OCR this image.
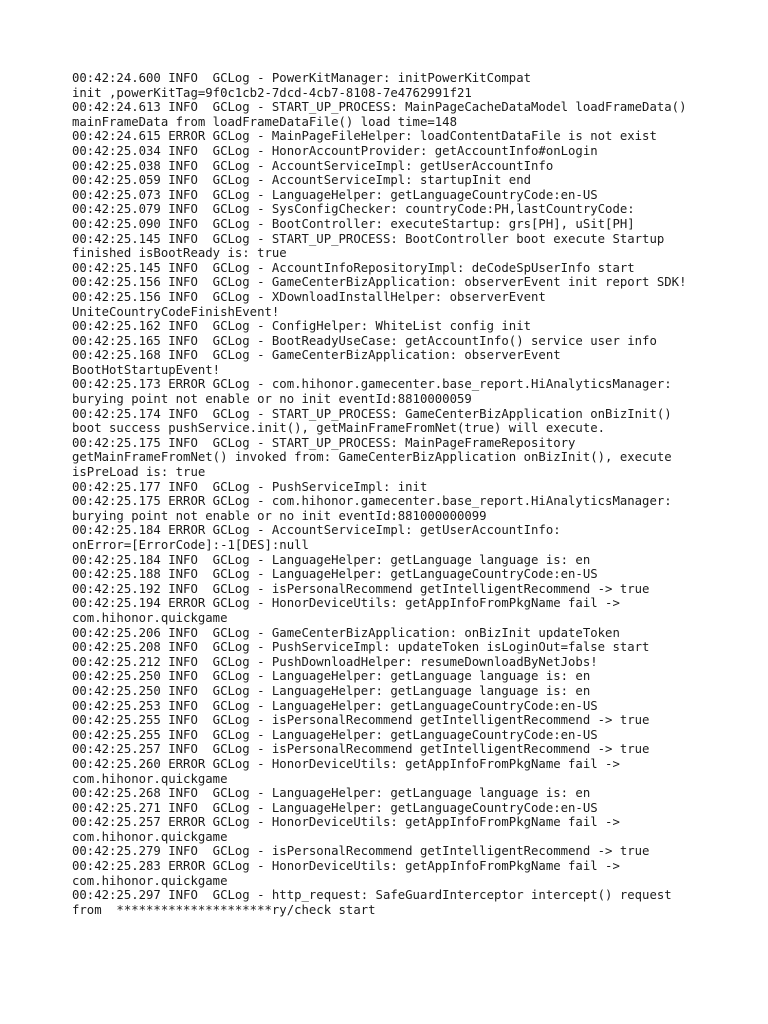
00:42:24.600 INFO  GCLog - PowerKitManager: initPowerKitCompat
init ,powerKitTag=9f0c1cb2-7dcd-4cb7-8108-7e4762991f21
00:42:24.613 INFO  GCLog - START_UP_PROCESS: MainPageCacheDataModel loadFrameData()
mainFrameData from loadFrameDataFile() load time=148
00:42:24.615 ERROR GCLog - MainPageFileHelper: loadContentDataFile is not exist
00:42:25.034 INFO  GCLog - HonorAccountProvider: getAccountInfo#onLogin
00:42:25.038 INFO  GCLog - AccountServiceImpl: getUserAccountInfo
00:42:25.059 INFO  GCLog - AccountServiceImpl: startupInit end
00:42:25.073 INFO  GCLog - LanguageHelper: getLanguageCountryCode:en-US
00:42:25.079 INFO  GCLog - SysConfigChecker: countryCode:PH,lastCountryCode:
00:42:25.090 INFO  GCLog - BootController: executeStartup: grs[PH], uSit[PH]
00:42:25.145 INFO  GCLog - START_UP_PROCESS: BootController boot execute Startup
finished isBootReady is: true
00:42:25.145 INFO  GCLog - AccountInfoRepositoryImpl: deCodeSpUserInfo start
00:42:25.156 INFO  GCLog - GameCenterBizApplication: observerEvent init report SDK!
00:42:25.156 INFO  GCLog - XDownloadInstallHelper: observerEvent
UniteCountryCodeFinishEvent!
00:42:25.162 INFO  GCLog - ConfigHelper: WhiteList config init
00:42:25.165 INFO  GCLog - BootReadyUseCase: getAccountInfo() service user info
00:42:25.168 INFO  GCLog - GameCenterBizApplication: observerEvent
BootHotStartupEvent!
00:42:25.173 ERROR GCLog - com.hihonor.gamecenter.base_report.HiAnalyticsManager:
burying point not enable or no init eventId:8810000059
00:42:25.174 INFO  GCLog - START_UP_PROCESS: GameCenterBizApplication onBizInit()
boot success pushService.init(), getMainFrameFromNet(true) will execute.
00:42:25.175 INFO  GCLog - START_UP_PROCESS: MainPageFrameRepository
getMainFrameFromNet() invoked from: GameCenterBizApplication onBizInit(), execute
isPreLoad is: true
00:42:25.177 INFO  GCLog - PushServiceImpl: init
00:42:25.175 ERROR GCLog - com.hihonor.gamecenter.base_report.HiAnalyticsManager:
burying point not enable or no init eventId:881000000099
00:42:25.184 ERROR GCLog - AccountServiceImpl: getUserAccountInfo:
onError=[ErrorCode]:-1[DES]:null
00:42:25.184 INFO  GCLog - LanguageHelper: getLanguage language is: en
00:42:25.188 INFO  GCLog - LanguageHelper: getLanguageCountryCode:en-US
00:42:25.192 INFO  GCLog - isPersonalRecommend getIntelligentRecommend -> true
00:42:25.194 ERROR GCLog - HonorDeviceUtils: getAppInfoFromPkgName fail ->
com.hihonor.quickgame
00:42:25.206 INFO  GCLog - GameCenterBizApplication: onBizInit updateToken
00:42:25.208 INFO  GCLog - PushServiceImpl: updateToken isLoginOut=false start
00:42:25.212 INFO  GCLog - PushDownloadHelper: resumeDownloadByNetJobs!
00:42:25.250 INFO  GCLog - LanguageHelper: getLanguage language is: en
00:42:25.250 INFO  GCLog - LanguageHelper: getLanguage language is: en
00:42:25.253 INFO  GCLog - LanguageHelper: getLanguageCountryCode:en-US
00:42:25.255 INFO  GCLog - isPersonalRecommend getIntelligentRecommend -> true
00:42:25.255 INFO  GCLog - LanguageHelper: getLanguageCountryCode:en-US
00:42:25.257 INFO  GCLog - isPersonalRecommend getIntelligentRecommend -> true
00:42:25.260 ERROR GCLog - HonorDeviceUtils: getAppInfoFromPkgName fail ->
com.hihonor.quickgame
00:42:25.268 INFO  GCLog - LanguageHelper: getLanguage language is: en
00:42:25.271 INFO  GCLog - LanguageHelper: getLanguageCountryCode:en-US
00:42:25.257 ERROR GCLog - HonorDeviceUtils: getAppInfoFromPkgName fail ->
com.hihonor.quickgame
00:42:25.279 INFO  GCLog - isPersonalRecommend getIntelligentRecommend -> true
00:42:25.283 ERROR GCLog - HonorDeviceUtils: getAppInfoFromPkgName fail ->
com.hihonor.quickgame
00:42:25.297 INFO  GCLog - http_request: SafeGuardInterceptor intercept() request
from  *********************ry/check start
